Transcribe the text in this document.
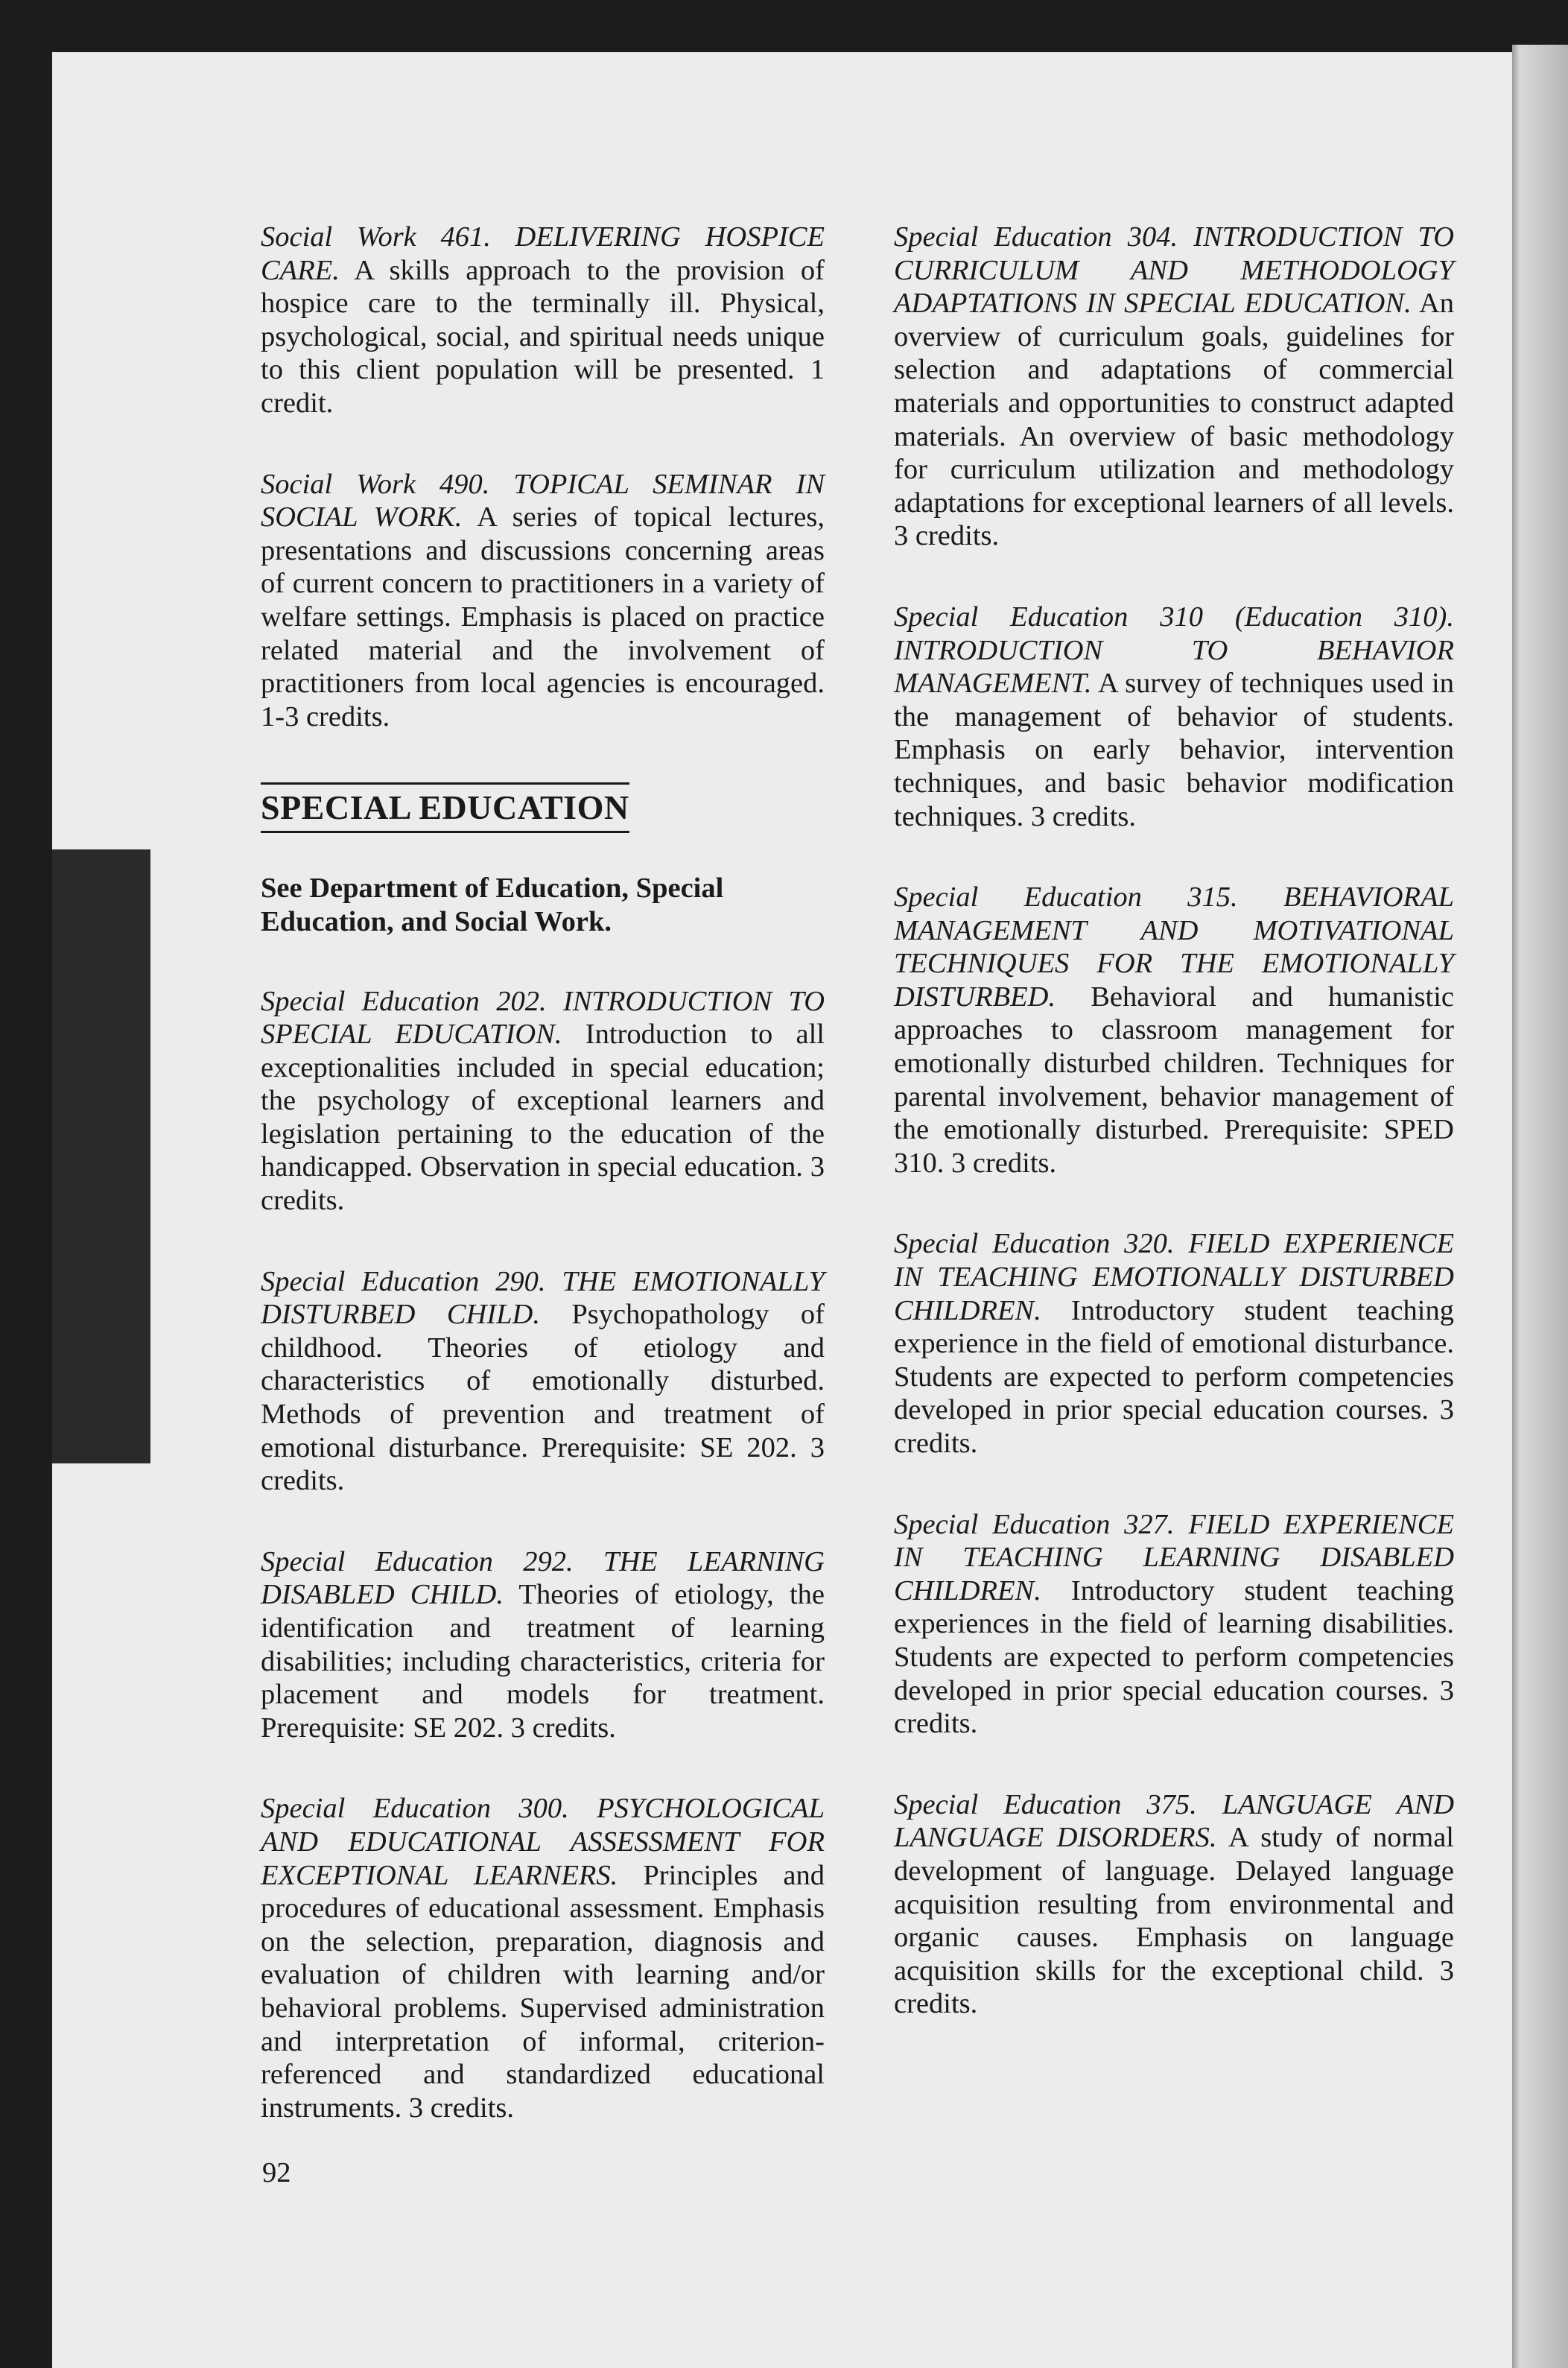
Social Work 461. DELIVERING HOSPICE CARE. A skills approach to the provision of hospice care to the terminally ill. Physical, psychological, social, and spiritual needs unique to this client population will be presented. 1 credit.

Social Work 490. TOPICAL SEMINAR IN SOCIAL WORK. A series of topical lectures, presentations and discussions concerning areas of current concern to practitioners in a variety of welfare settings. Emphasis is placed on practice related material and the involvement of practitioners from local agencies is encouraged. 1-3 credits.

SPECIAL EDUCATION

See Department of Education, Special Education, and Social Work.

Special Education 202. INTRODUCTION TO SPECIAL EDUCATION. Introduction to all exceptionalities included in special education; the psychology of exceptional learners and legislation pertaining to the education of the handicapped. Observation in special education. 3 credits.

Special Education 290. THE EMOTIONALLY DISTURBED CHILD. Psychopathology of childhood. Theories of etiology and characteristics of emotionally disturbed. Methods of prevention and treatment of emotional disturbance. Prerequisite: SE 202. 3 credits.

Special Education 292. THE LEARNING DISABLED CHILD. Theories of etiology, the identification and treatment of learning disabilities; including characteristics, criteria for placement and models for treatment. Prerequisite: SE 202. 3 credits.

Special Education 300. PSYCHOLOGICAL AND EDUCATIONAL ASSESSMENT FOR EXCEPTIONAL LEARNERS. Principles and procedures of educational assessment. Emphasis on the selection, preparation, diagnosis and evaluation of children with learning and/or behavioral problems. Supervised administration and interpretation of informal, criterion-referenced and standardized educational instruments. 3 credits.

Special Education 304. INTRODUCTION TO CURRICULUM AND METHODOLOGY ADAPTATIONS IN SPECIAL EDUCATION. An overview of curriculum goals, guidelines for selection and adaptations of commercial materials and opportunities to construct adapted materials. An overview of basic methodology for curriculum utilization and methodology adaptations for exceptional learners of all levels. 3 credits.

Special Education 310 (Education 310). INTRODUCTION TO BEHAVIOR MANAGEMENT. A survey of techniques used in the management of behavior of students. Emphasis on early behavior, intervention techniques, and basic behavior modification techniques. 3 credits.

Special Education 315. BEHAVIORAL MANAGEMENT AND MOTIVATIONAL TECHNIQUES FOR THE EMOTIONALLY DISTURBED. Behavioral and humanistic approaches to classroom management for emotionally disturbed children. Techniques for parental involvement, behavior management of the emotionally disturbed. Prerequisite: SPED 310. 3 credits.

Special Education 320. FIELD EXPERIENCE IN TEACHING EMOTIONALLY DISTURBED CHILDREN. Introductory student teaching experience in the field of emotional disturbance. Students are expected to perform competencies developed in prior special education courses. 3 credits.

Special Education 327. FIELD EXPERIENCE IN TEACHING LEARNING DISABLED CHILDREN. Introductory student teaching experiences in the field of learning disabilities. Students are expected to perform competencies developed in prior special education courses. 3 credits.

Special Education 375. LANGUAGE AND LANGUAGE DISORDERS. A study of normal development of language. Delayed language acquisition resulting from environmental and organic causes. Emphasis on language acquisition skills for the exceptional child. 3 credits.

92
